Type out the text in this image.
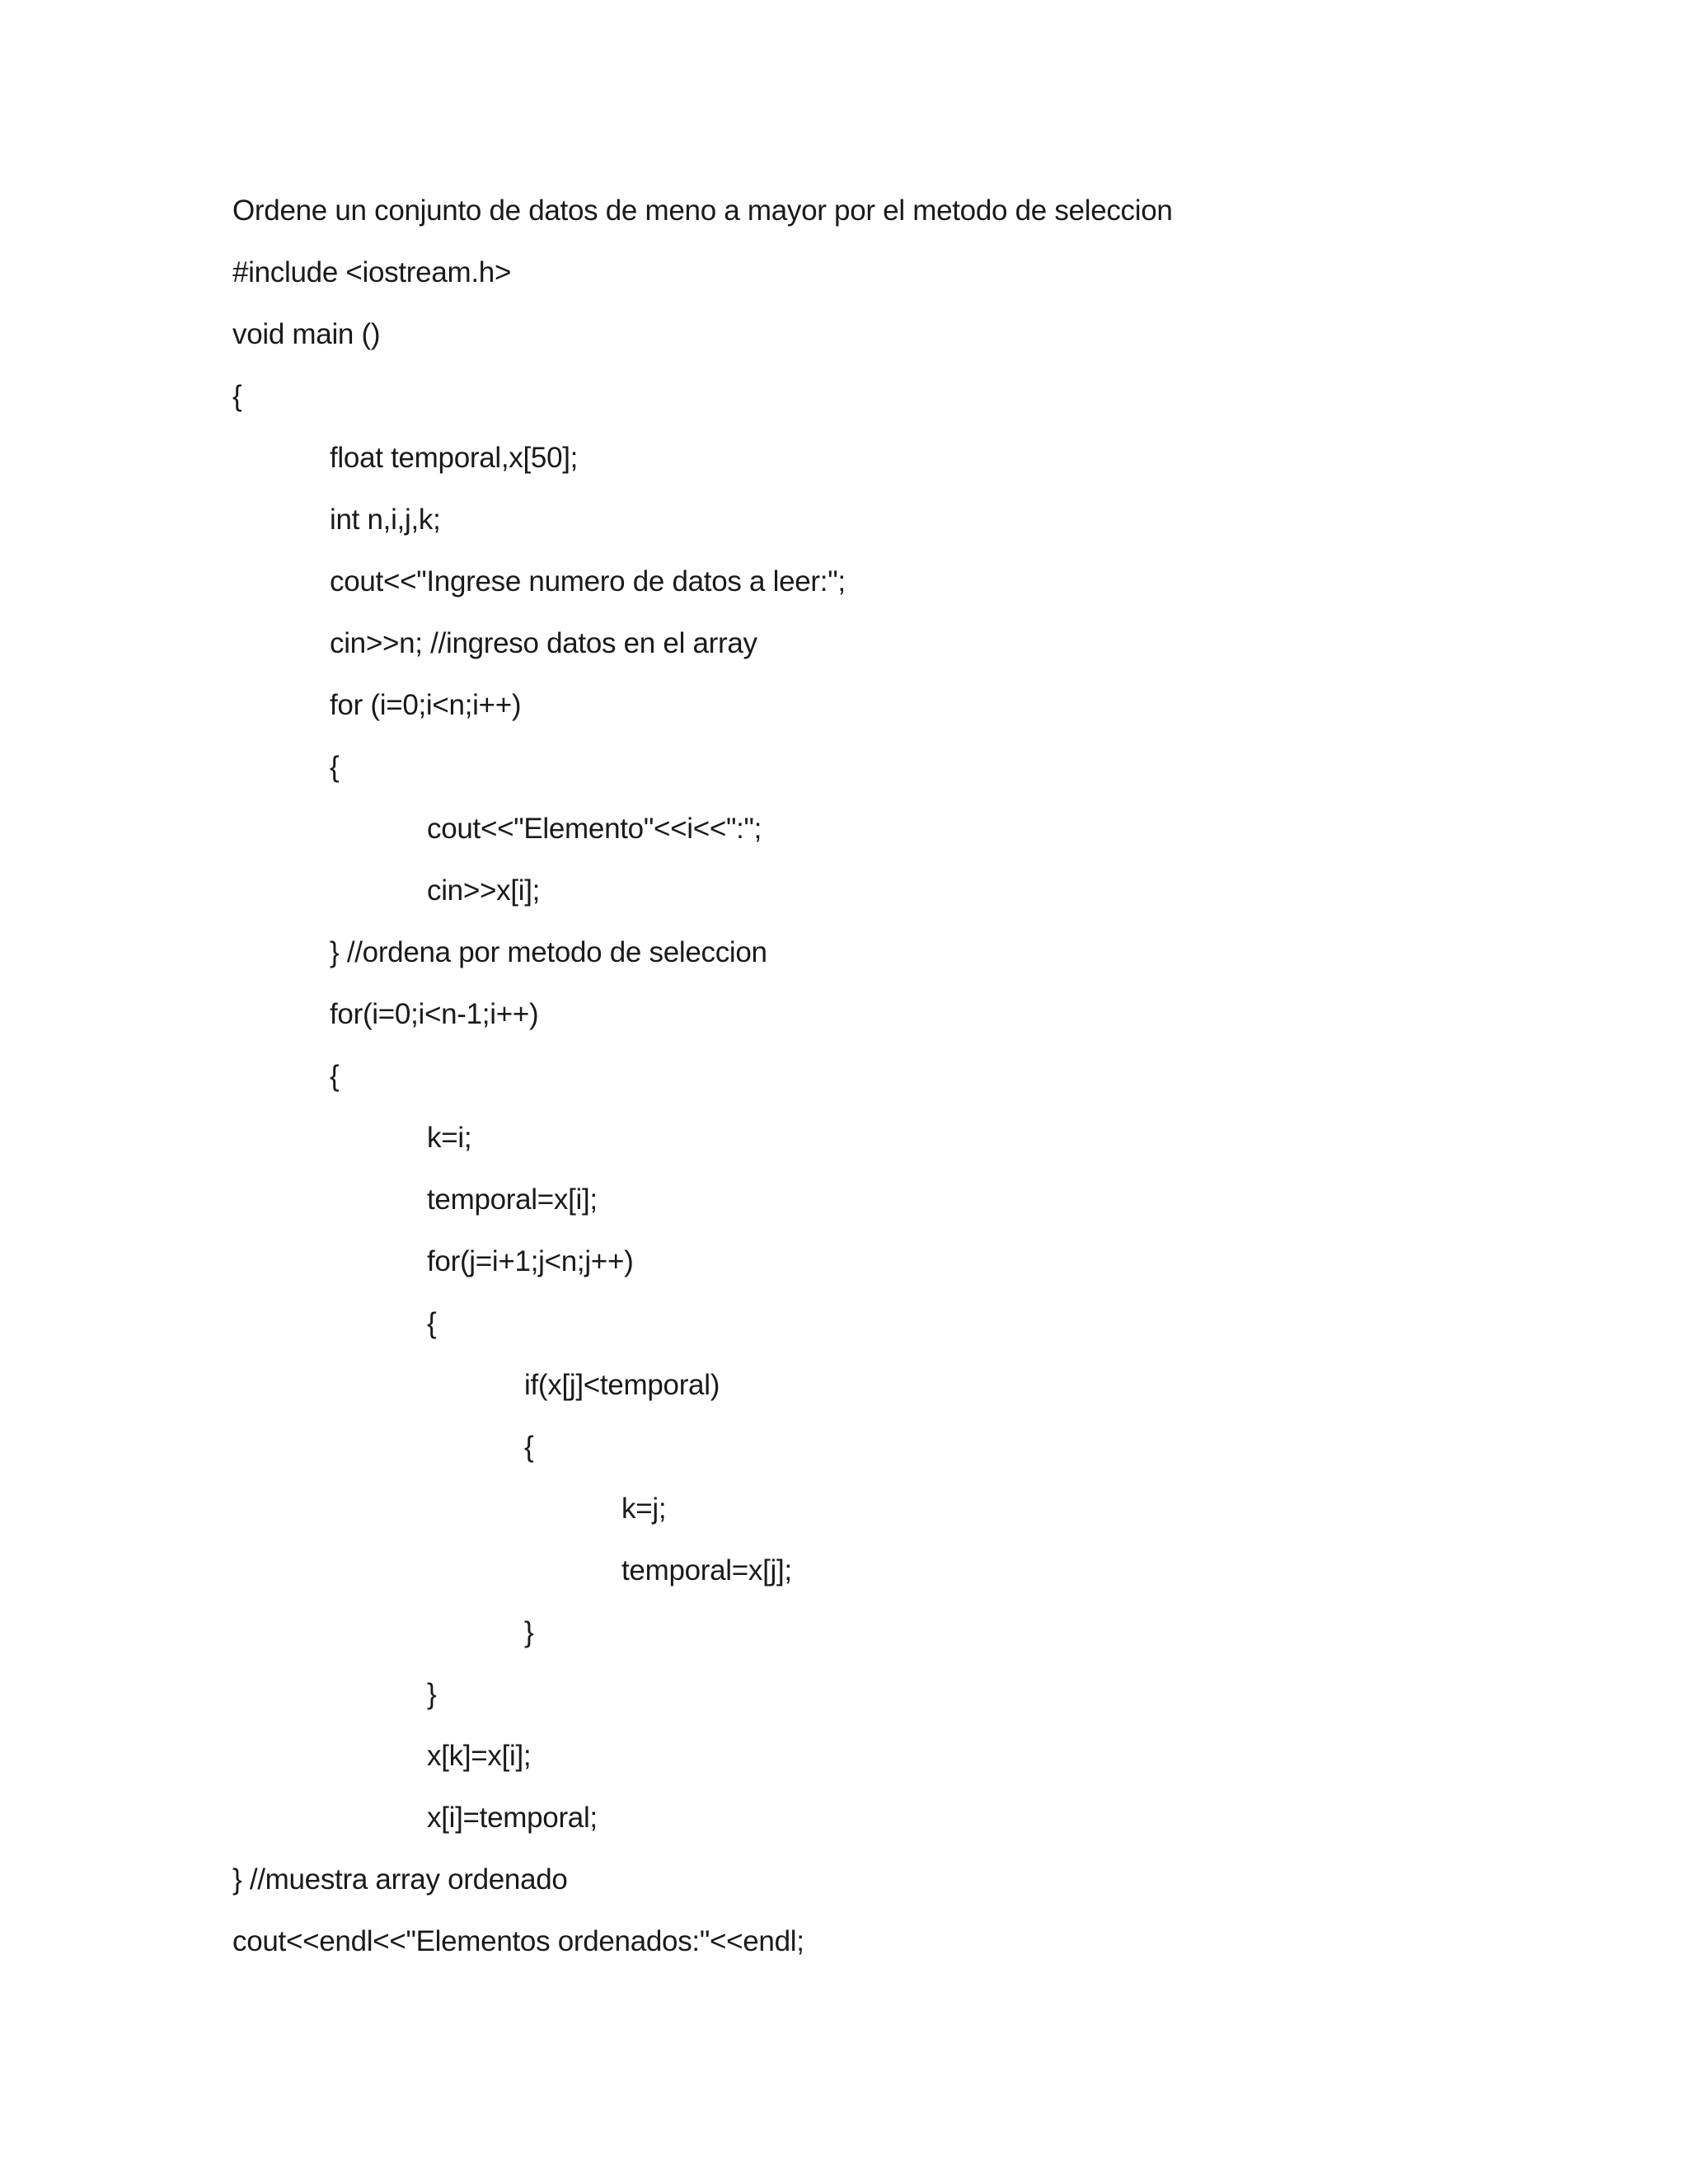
Ordene un conjunto de datos de meno a mayor por el metodo de seleccion
#include <iostream.h>
void main ()
{
float temporal,x[50];
int n,i,j,k;
cout<<"Ingrese numero de datos a leer:";
cin>>n; //ingreso datos en el array
for (i=0;i<n;i++)
{
cout<<"Elemento"<<i<<":";
cin>>x[i];
} //ordena por metodo de seleccion
for(i=0;i<n-1;i++)
{
k=i;
temporal=x[i];
for(j=i+1;j<n;j++)
{
if(x[j]<temporal)
{
k=j;
temporal=x[j];
}
}
x[k]=x[i];
x[i]=temporal;
} //muestra array ordenado
cout<<endl<<"Elementos ordenados:"<<endl;
